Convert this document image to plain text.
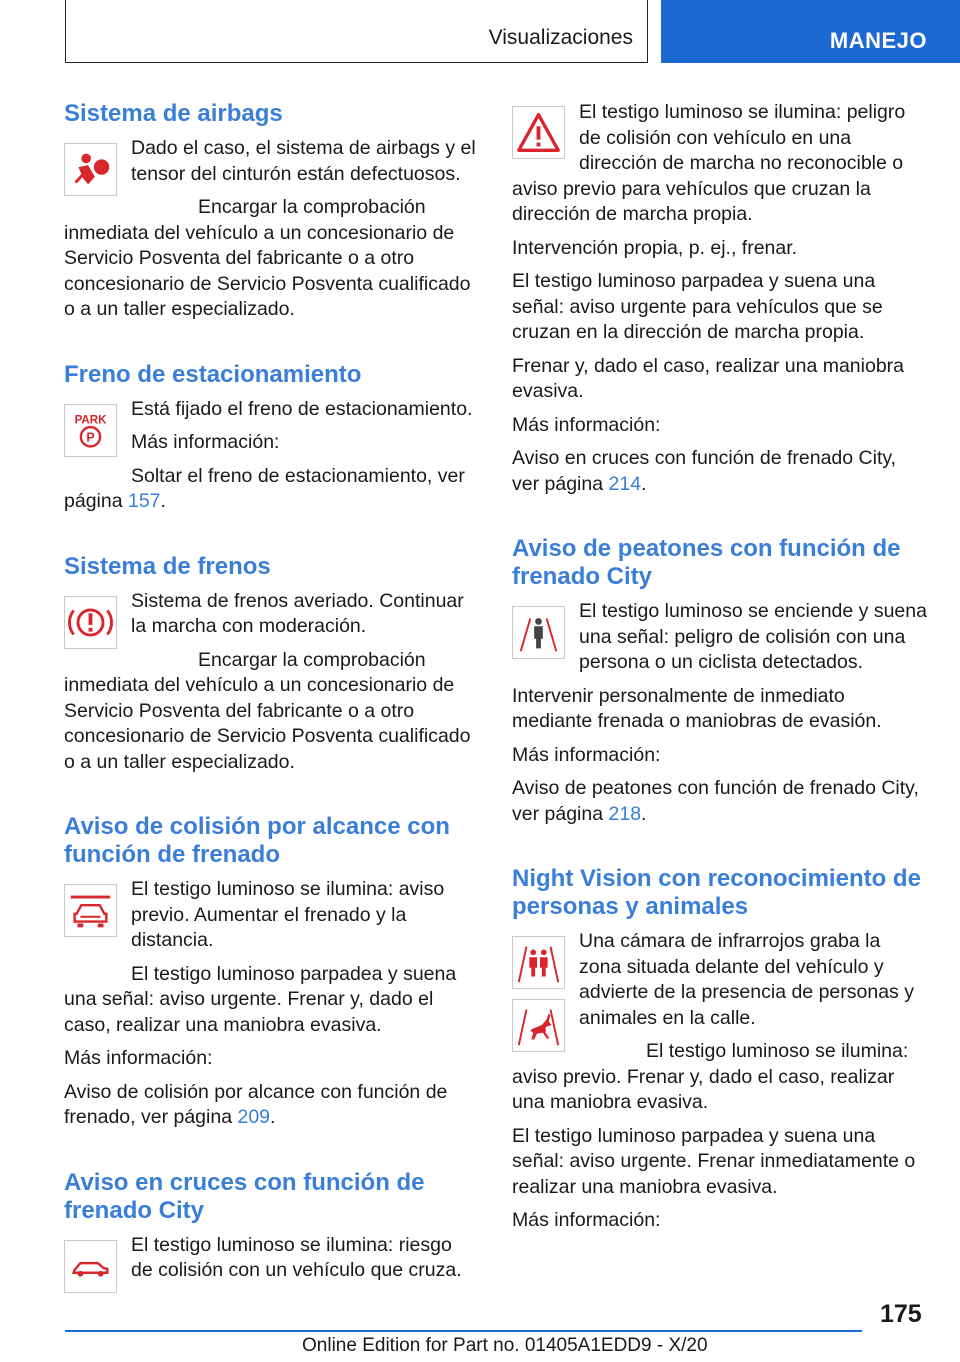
Visualizaciones	MANEJO
Sistema de airbags

Dado el caso, el sistema de airbags y el tensor del cinturón están defectuosos.

Encargar la comprobación inmediata del vehículo a un concesionario de Servicio Posventa del fabricante o a otro concesionario de Servicio Posventa cualificado o a un taller especializado.

Freno de estacionamiento
PARK
P

Está fijado el freno de estacionamiento.

Más información:

Soltar el freno de estacionamiento, ver página 157.

Sistema de frenos

Sistema de frenos averiado. Continuar la marcha con moderación.

Encargar la comprobación inmediata del vehículo a un concesionario de Servicio Posventa del fabricante o a otro concesionario de Servicio Posventa cualificado o a un taller especializado.

Aviso de colisión por alcance con función de frenado

El testigo luminoso se ilumina: aviso previo. Aumentar el frenado y la distancia.

El testigo luminoso parpadea y suena una señal: aviso urgente. Frenar y, dado el caso, realizar una maniobra evasiva.

Más información:

Aviso de colisión por alcance con función de frenado, ver página 209.

Aviso en cruces con función de frenado City

El testigo luminoso se ilumina: riesgo de colisión con un vehículo que cruza.

El testigo luminoso se ilumina: peligro de colisión con vehículo en una dirección de marcha no reconocible o aviso previo para vehículos que cruzan la dirección de marcha propia.

Intervención propia, p. ej., frenar.

El testigo luminoso parpadea y suena una señal: aviso urgente para vehículos que se cruzan en la dirección de marcha propia.

Frenar y, dado el caso, realizar una maniobra evasiva.

Más información:

Aviso en cruces con función de frenado City, ver página 214.

Aviso de peatones con función de frenado City

El testigo luminoso se enciende y suena una señal: peligro de colisión con una persona o un ciclista detectados.

Intervenir personalmente de inmediato mediante frenada o maniobras de evasión.

Más información:

Aviso de peatones con función de frenado City, ver página 218.

Night Vision con reconocimiento de personas y animales

Una cámara de infrarrojos graba la zona situada delante del vehículo y advierte de la presencia de personas y animales en la calle.

El testigo luminoso se ilumina: aviso previo. Frenar y, dado el caso, realizar una maniobra evasiva.

El testigo luminoso parpadea y suena una señal: aviso urgente. Frenar inmediatamente o realizar una maniobra evasiva.

Más información:

175
Online Edition for Part no. 01405A1EDD9 - X/20
